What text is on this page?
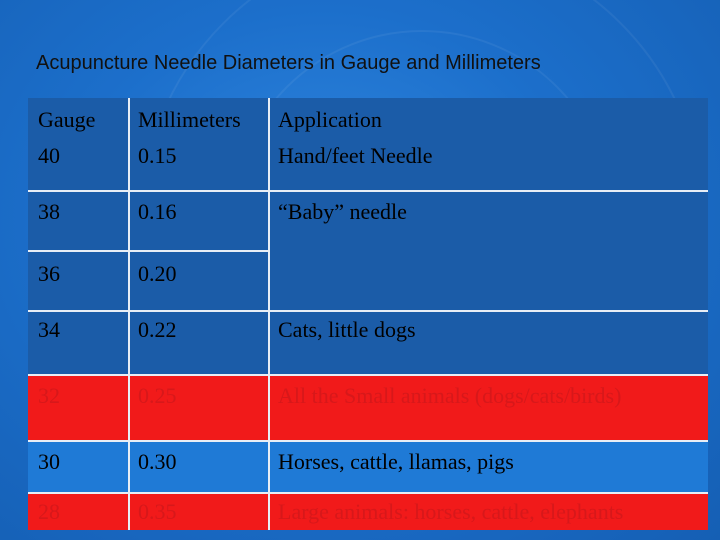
Acupuncture Needle Diameters in Gauge and Millimeters
Gauge Millimeters Application
40	0.15	Hand/feet Needle
38	0.16	“Baby” needle
36	0.20
34	0.22	Cats, little dogs
32	0.25	All the Small animals (dogs/cats/birds)
30	0.30	Horses, cattle, llamas, pigs
28	0.35	Large animals: horses, cattle, elephants
